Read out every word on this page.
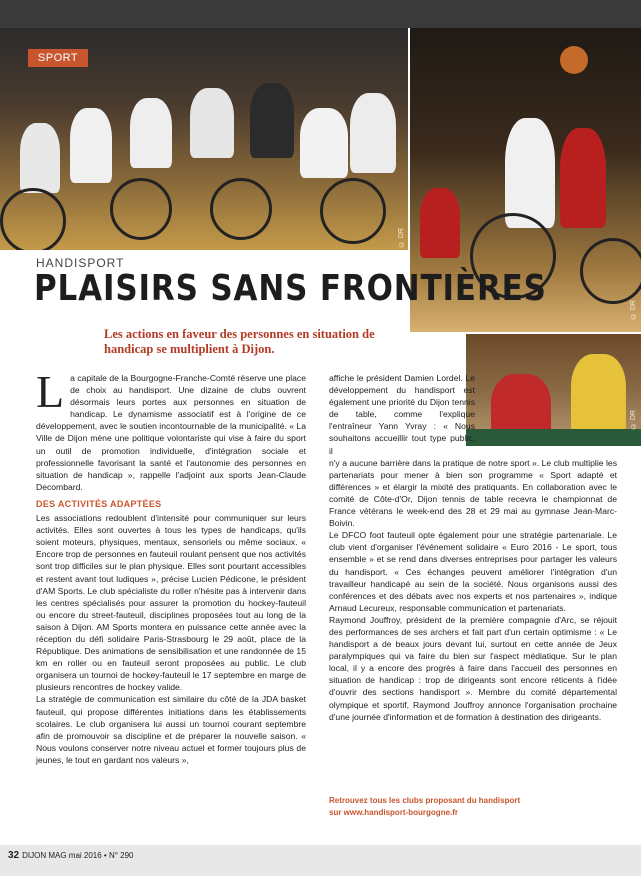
SPORT
© DR
© DR
© DR
HANDISPORT
PLAISIRS SANS FRONTIÈRES
Les actions en faveur des personnes en situation de handicap se multiplient à Dijon.

La capitale de la Bourgogne-Franche-Comté réserve une place de choix au handisport. Une dizaine de clubs ouvrent désormais leurs portes aux personnes en situation de handicap. Le dynamisme associatif est à l'origine de ce développement, avec le soutien incontournable de la municipalité. « La Ville de Dijon mène une politique volontariste qui vise à faire du sport un outil de promotion individuelle, d'intégration sociale et professionnelle favorisant la santé et l'autonomie des personnes en situation de handicap », rappelle l'adjoint aux sports Jean-Claude Decombard.

DES ACTIVITÉS ADAPTÉES

Les associations redoublent d'intensité pour communiquer sur leurs activités. Elles sont ouvertes à tous les types de handicaps, qu'ils soient moteurs, physiques, mentaux, sensoriels ou même sociaux. « Encore trop de personnes en fauteuil roulant pensent que nos activités sont trop difficiles sur le plan physique. Elles sont pourtant accessibles et restent avant tout ludiques », précise Lucien Pédicone, le président d'AM Sports. Le club spécialiste du roller n'hésite pas à intervenir dans les centres spécialisés pour assurer la promotion du hockey-fauteuil ou encore du street-fauteuil, disciplines proposées tout au long de la saison à Dijon. AM Sports montera en puissance cette année avec la réception du défi solidaire Paris-Strasbourg le 29 août, place de la République. Des animations de sensibilisation et une randonnée de 15 km en roller ou en fauteuil seront proposées au public. Le club organisera un tournoi de hockey-fauteuil le 17 septembre en marge de plusieurs rencontres de hockey valide.

La stratégie de communication est similaire du côté de la JDA basket fauteuil, qui propose différentes initiations dans les établissements scolaires. Le club organisera lui aussi un tournoi courant septembre afin de promouvoir sa discipline et de préparer la nouvelle saison. « Nous voulons conserver notre niveau actuel et former toujours plus de jeunes, le tout en gardant nos valeurs »,

affiche le président Damien Lordel. Le développement du handisport est également une priorité du Dijon tennis de table, comme l'explique l'entraîneur Yann Yvray : « Nous souhaitons accueillir tout type public, il

n'y a aucune barrière dans la pratique de notre sport ». Le club multiplie les partenariats pour mener à bien son programme « Sport adapté et différences » et élargir la mixité des pratiquants. En collaboration avec le comité de Côte-d'Or, Dijon tennis de table recevra le championnat de France vétérans le week-end des 28 et 29 mai au gymnase Jean-Marc-Boivin.

Le DFCO foot fauteuil opte également pour une stratégie partenariale. Le club vient d'organiser l'événement solidaire « Euro 2016 - Le sport, tous ensemble » et se rend dans diverses entreprises pour partager les valeurs du handisport. « Ces échanges peuvent améliorer l'intégration d'un travailleur handicapé au sein de la société. Nous organisons aussi des conférences et des débats avec nos experts et nos partenaires », indique Arnaud Lecureux, responsable communication et partenariats.

Raymond Jouffroy, président de la première compagnie d'Arc, se réjouit des performances de ses archers et fait part d'un certain optimisme : « Le handisport a de beaux jours devant lui, surtout en cette année de Jeux paralympiques qui va faire du bien sur l'aspect médiatique. Sur le plan local, il y a encore des progrès à faire dans l'accueil des personnes en situation de handicap : trop de dirigeants sont encore réticents à l'idée d'ouvrir des sections handisport ». Membre du comité départemental olympique et sportif, Raymond Jouffroy annonce l'organisation prochaine d'une journée d'information et de formation à destination des dirigeants.

Retrouvez tous les clubs proposant du handisport
sur www.handisport-bourgogne.fr
32 DIJON MAG mai 2016 • N° 290
